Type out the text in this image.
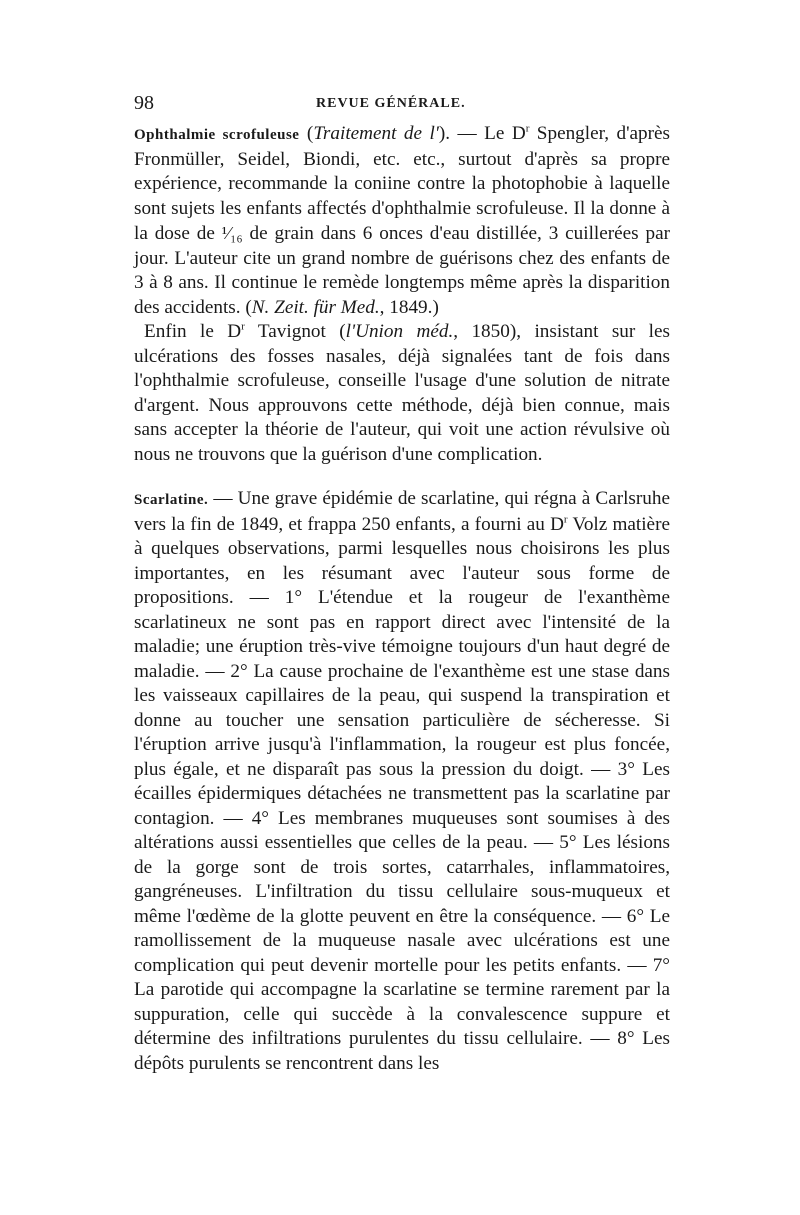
98	REVUE GÉNÉRALE.

Ophthalmie scrofuleuse (Traitement de l'). — Le $D^r$ Spengler, d'après Fronmüller, Seidel, Biondi, etc. etc., surtout d'après sa propre expérience, recommande la coniine contre la photophobie à laquelle sont sujets les enfants affectés d'ophthalmie scrofuleuse. Il la donne à la dose de ¹⁄₁₆ de grain dans 6 onces d'eau distillée, 3 cuillerées par jour. L'auteur cite un grand nombre de guérisons chez des enfants de 3 à 8 ans. Il continue le remède longtemps même après la disparition des accidents. (N. Zeit. für Med., 1849.)

Enfin le $D^r$ Tavignot (l'Union méd., 1850), insistant sur les ulcérations des fosses nasales, déjà signalées tant de fois dans l'ophthalmie scrofuleuse, conseille l'usage d'une solution de nitrate d'argent. Nous approuvons cette méthode, déjà bien connue, mais sans accepter la théorie de l'auteur, qui voit une action révulsive où nous ne trouvons que la guérison d'une complication.

Scarlatine. — Une grave épidémie de scarlatine, qui régna à Carlsruhe vers la fin de 1849, et frappa 250 enfants, a fourni au $D^r$ Volz matière à quelques observations, parmi lesquelles nous choisirons les plus importantes, en les résumant avec l'auteur sous forme de propositions. — 1° L'étendue et la rougeur de l'exanthème scarlatineux ne sont pas en rapport direct avec l'intensité de la maladie; une éruption très-vive témoigne toujours d'un haut degré de maladie. — 2° La cause prochaine de l'exanthème est une stase dans les vaisseaux capillaires de la peau, qui suspend la transpiration et donne au toucher une sensation particulière de sécheresse. Si l'éruption arrive jusqu'à l'inflammation, la rougeur est plus foncée, plus égale, et ne disparaît pas sous la pression du doigt. — 3° Les écailles épidermiques détachées ne transmettent pas la scarlatine par contagion. — 4° Les membranes muqueuses sont soumises à des altérations aussi essentielles que celles de la peau. — 5° Les lésions de la gorge sont de trois sortes, catarrhales, inflammatoires, gangréneuses. L'infiltration du tissu cellulaire sous-muqueux et même l'œdème de la glotte peuvent en être la conséquence. — 6° Le ramollissement de la muqueuse nasale avec ulcérations est une complication qui peut devenir mortelle pour les petits enfants. — 7° La parotide qui accompagne la scarlatine se termine rarement par la suppuration, celle qui succède à la convalescence suppure et détermine des infiltrations purulentes du tissu cellulaire. — 8° Les dépôts purulents se rencontrent dans les
